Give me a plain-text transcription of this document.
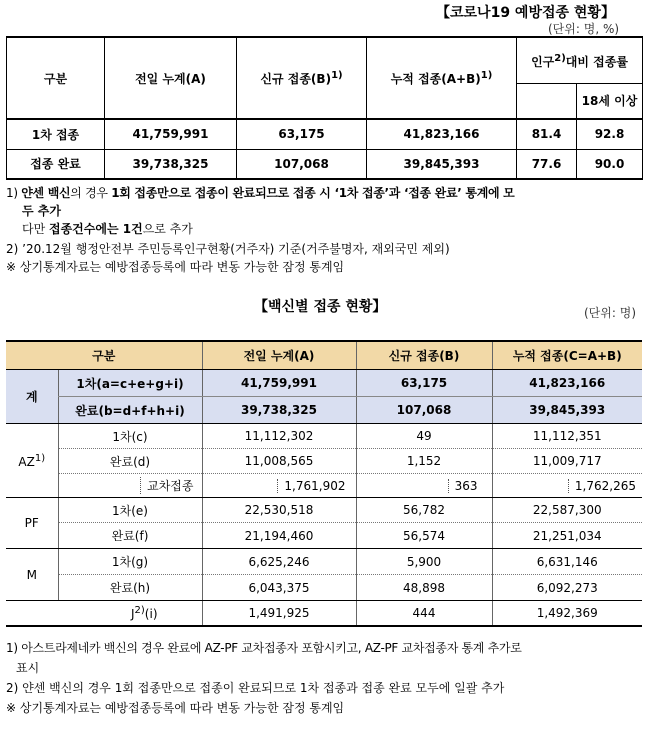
【코로나19 예방접종 현황】
(단위: 명, %)
구분	전일 누계(A)	신규 접종$(B)^{1)}$	누적 접종$(A+B)^{1)}$	인구$^{2)}$대비 접종률	
					18세 이상
1차 접종	41,759,991	63,175	41,823,166	81.4	92.8
접종 완료	39,738,325	107,068	39,845,393	77.6	90.0
1) 얀센 백신의 경우 1회 접종만으로 접종이 완료되므로 접종 시 ‘1차 접종’과 ‘접종 완료’ 통계에 모
두 추가
다만 접종건수에는 1건으로 추가
2) ’20.12월 행정안전부 주민등록인구현황(거주자) 기준(거주불명자, 재외국민 제외)
※ 상기통계자료는 예방접종등록에 따라 변동 가능한 잠정 통계임
【백신별 접종 현황】	(단위: 명)
구분		전일 누계(A)	신규 접종(B)	누적 접종(C=A+B)
계	1차(a=c+e+g+i)	41,759,991	63,175	41,823,166
	완료(b=d+f+h+i)	39,738,325	107,068	39,845,393
AZ$^{1)}$	1차(c)	11,112,302	49	11,112,351
	완료(d)	11,008,565	1,152	11,009,717
	교차접종	1,761,902	363	1,762,265
PF	1차(e)	22,530,518	56,782	22,587,300
	완료(f)	21,194,460	56,574	21,251,034
M	1차(g)	6,625,246	5,900	6,631,146
	완료(h)	6,043,375	48,898	6,092,273
$J^{2)}(i)$		1,491,925	444	1,492,369
1) 아스트라제네카 백신의 경우 완료에 AZ-PF 교차접종자 포함시키고, AZ-PF 교차접종자 통계 추가로
표시
2) 얀센 백신의 경우 1회 접종만으로 접종이 완료되므로 1차 접종과 접종 완료 모두에 일괄 추가
※ 상기통계자료는 예방접종등록에 따라 변동 가능한 잠정 통계임
